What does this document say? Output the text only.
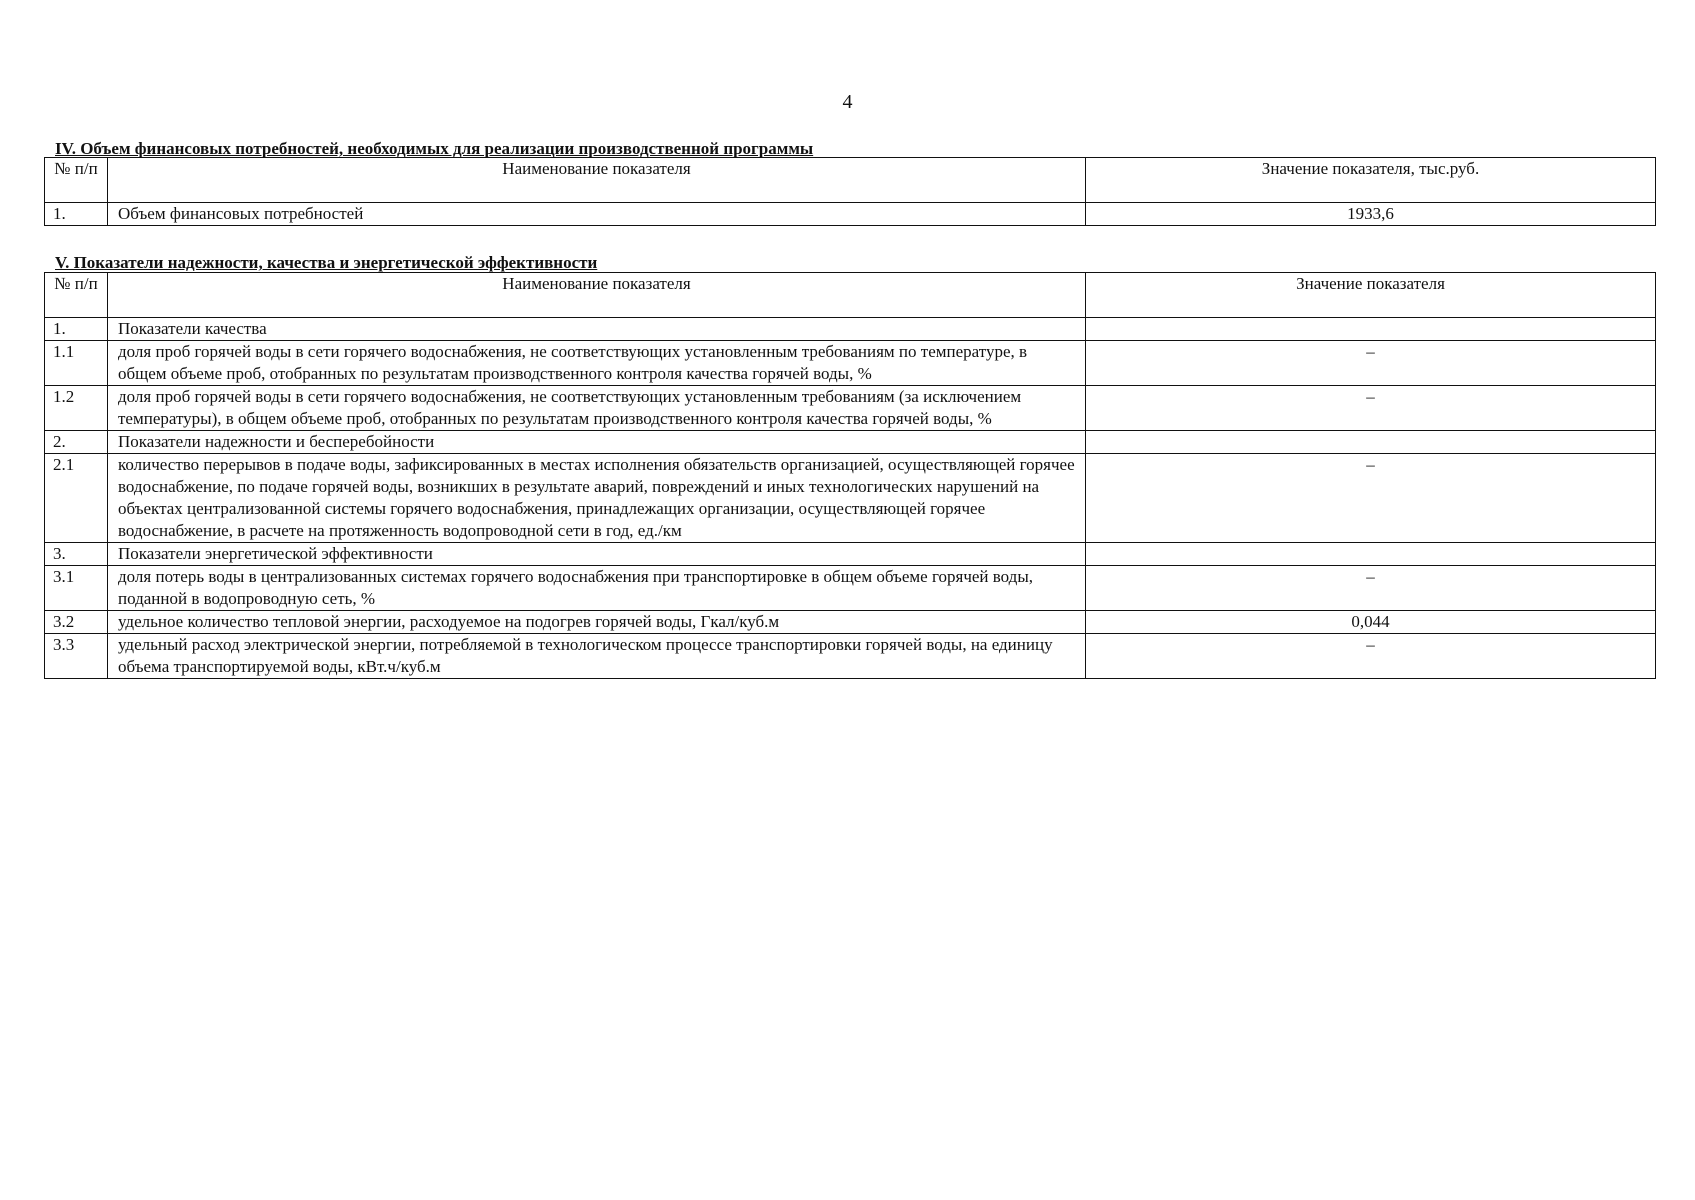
4
IV. Объем финансовых потребностей, необходимых для реализации производственной программы
№ п/п	Наименование показателя	Значение показателя, тыс.руб.
1.	Объем финансовых потребностей	1933,6
V. Показатели надежности, качества и энергетической эффективности
№ п/п	Наименование показателя	Значение показателя
1.	Показатели качества	
1.1	доля проб горячей воды в сети горячего водоснабжения, не соответствующих установленным требованиям по температуре, в общем объеме проб, отобранных по результатам производственного контроля качества горячей воды, %	–
1.2	доля проб горячей воды в сети горячего водоснабжения, не соответствующих установленным требованиям (за исключением температуры), в общем объеме проб, отобранных по результатам производственного контроля качества горячей воды, %	–
2.	Показатели надежности и бесперебойности	
2.1	количество перерывов в подаче воды, зафиксированных в местах исполнения обязательств организацией, осуществляющей горячее водоснабжение, по подаче горячей воды, возникших в результате аварий, повреждений и иных технологических нарушений на объектах централизованной системы горячего водоснабжения, принадлежащих организации, осуществляющей горячее водоснабжение, в расчете на протяженность водопроводной сети в год, ед./км	–
3.	Показатели энергетической эффективности	
3.1	доля потерь воды в централизованных системах горячего водоснабжения при транспортировке в общем объеме горячей воды, поданной в водопроводную сеть, %	–
3.2	удельное количество тепловой энергии, расходуемое на подогрев горячей воды, Гкал/куб.м	0,044
3.3	удельный расход электрической энергии, потребляемой в технологическом процессе транспортировки горячей воды, на единицу объема транспортируемой воды, кВт.ч/куб.м	–
